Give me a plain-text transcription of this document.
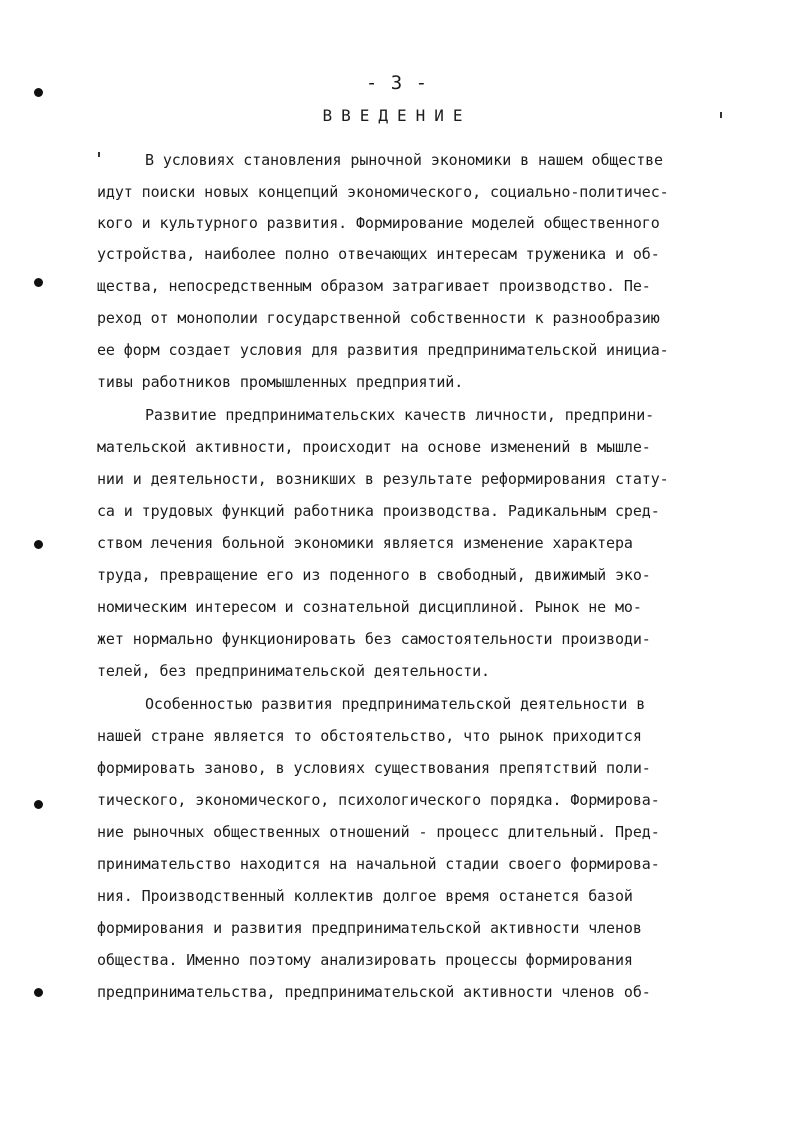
- 3 -
ВВЕДЕНИЕ
В условиях становления рыночной экономики в нашем обществе
идут поиски новых концепций экономического, социально-политичес-
кого и культурного развития. Формирование моделей общественного
устройства, наиболее полно отвечающих интересам труженика и об-
щества, непосредственным образом затрагивает производство. Пе-
реход от монополии государственной собственности к разнообразию
ее форм создает условия для развития предпринимательской инициа-
тивы работников промышленных предприятий.
Развитие предпринимательских качеств личности, предприни-
мательской активности, происходит на основе изменений в мышле-
нии и деятельности, возникших в результате реформирования стату-
са и трудовых функций работника производства. Радикальным сред-
ством лечения больной экономики является изменение характера
труда, превращение его из поденного в свободный, движимый эко-
номическим интересом и сознательной дисциплиной. Рынок не мо-
жет нормально функционировать без самостоятельности производи-
телей, без предпринимательской деятельности.
Особенностью развития предпринимательской деятельности в
нашей стране является то обстоятельство, что рынок приходится
формировать заново, в условиях существования препятствий поли-
тического, экономического, психологического порядка. Формирова-
ние рыночных общественных отношений - процесс длительный. Пред-
принимательство находится на начальной стадии своего формирова-
ния. Производственный коллектив долгое время останется базой
формирования и развития предпринимательской активности членов
общества. Именно поэтому анализировать процессы формирования
предпринимательства, предпринимательской активности членов об-
